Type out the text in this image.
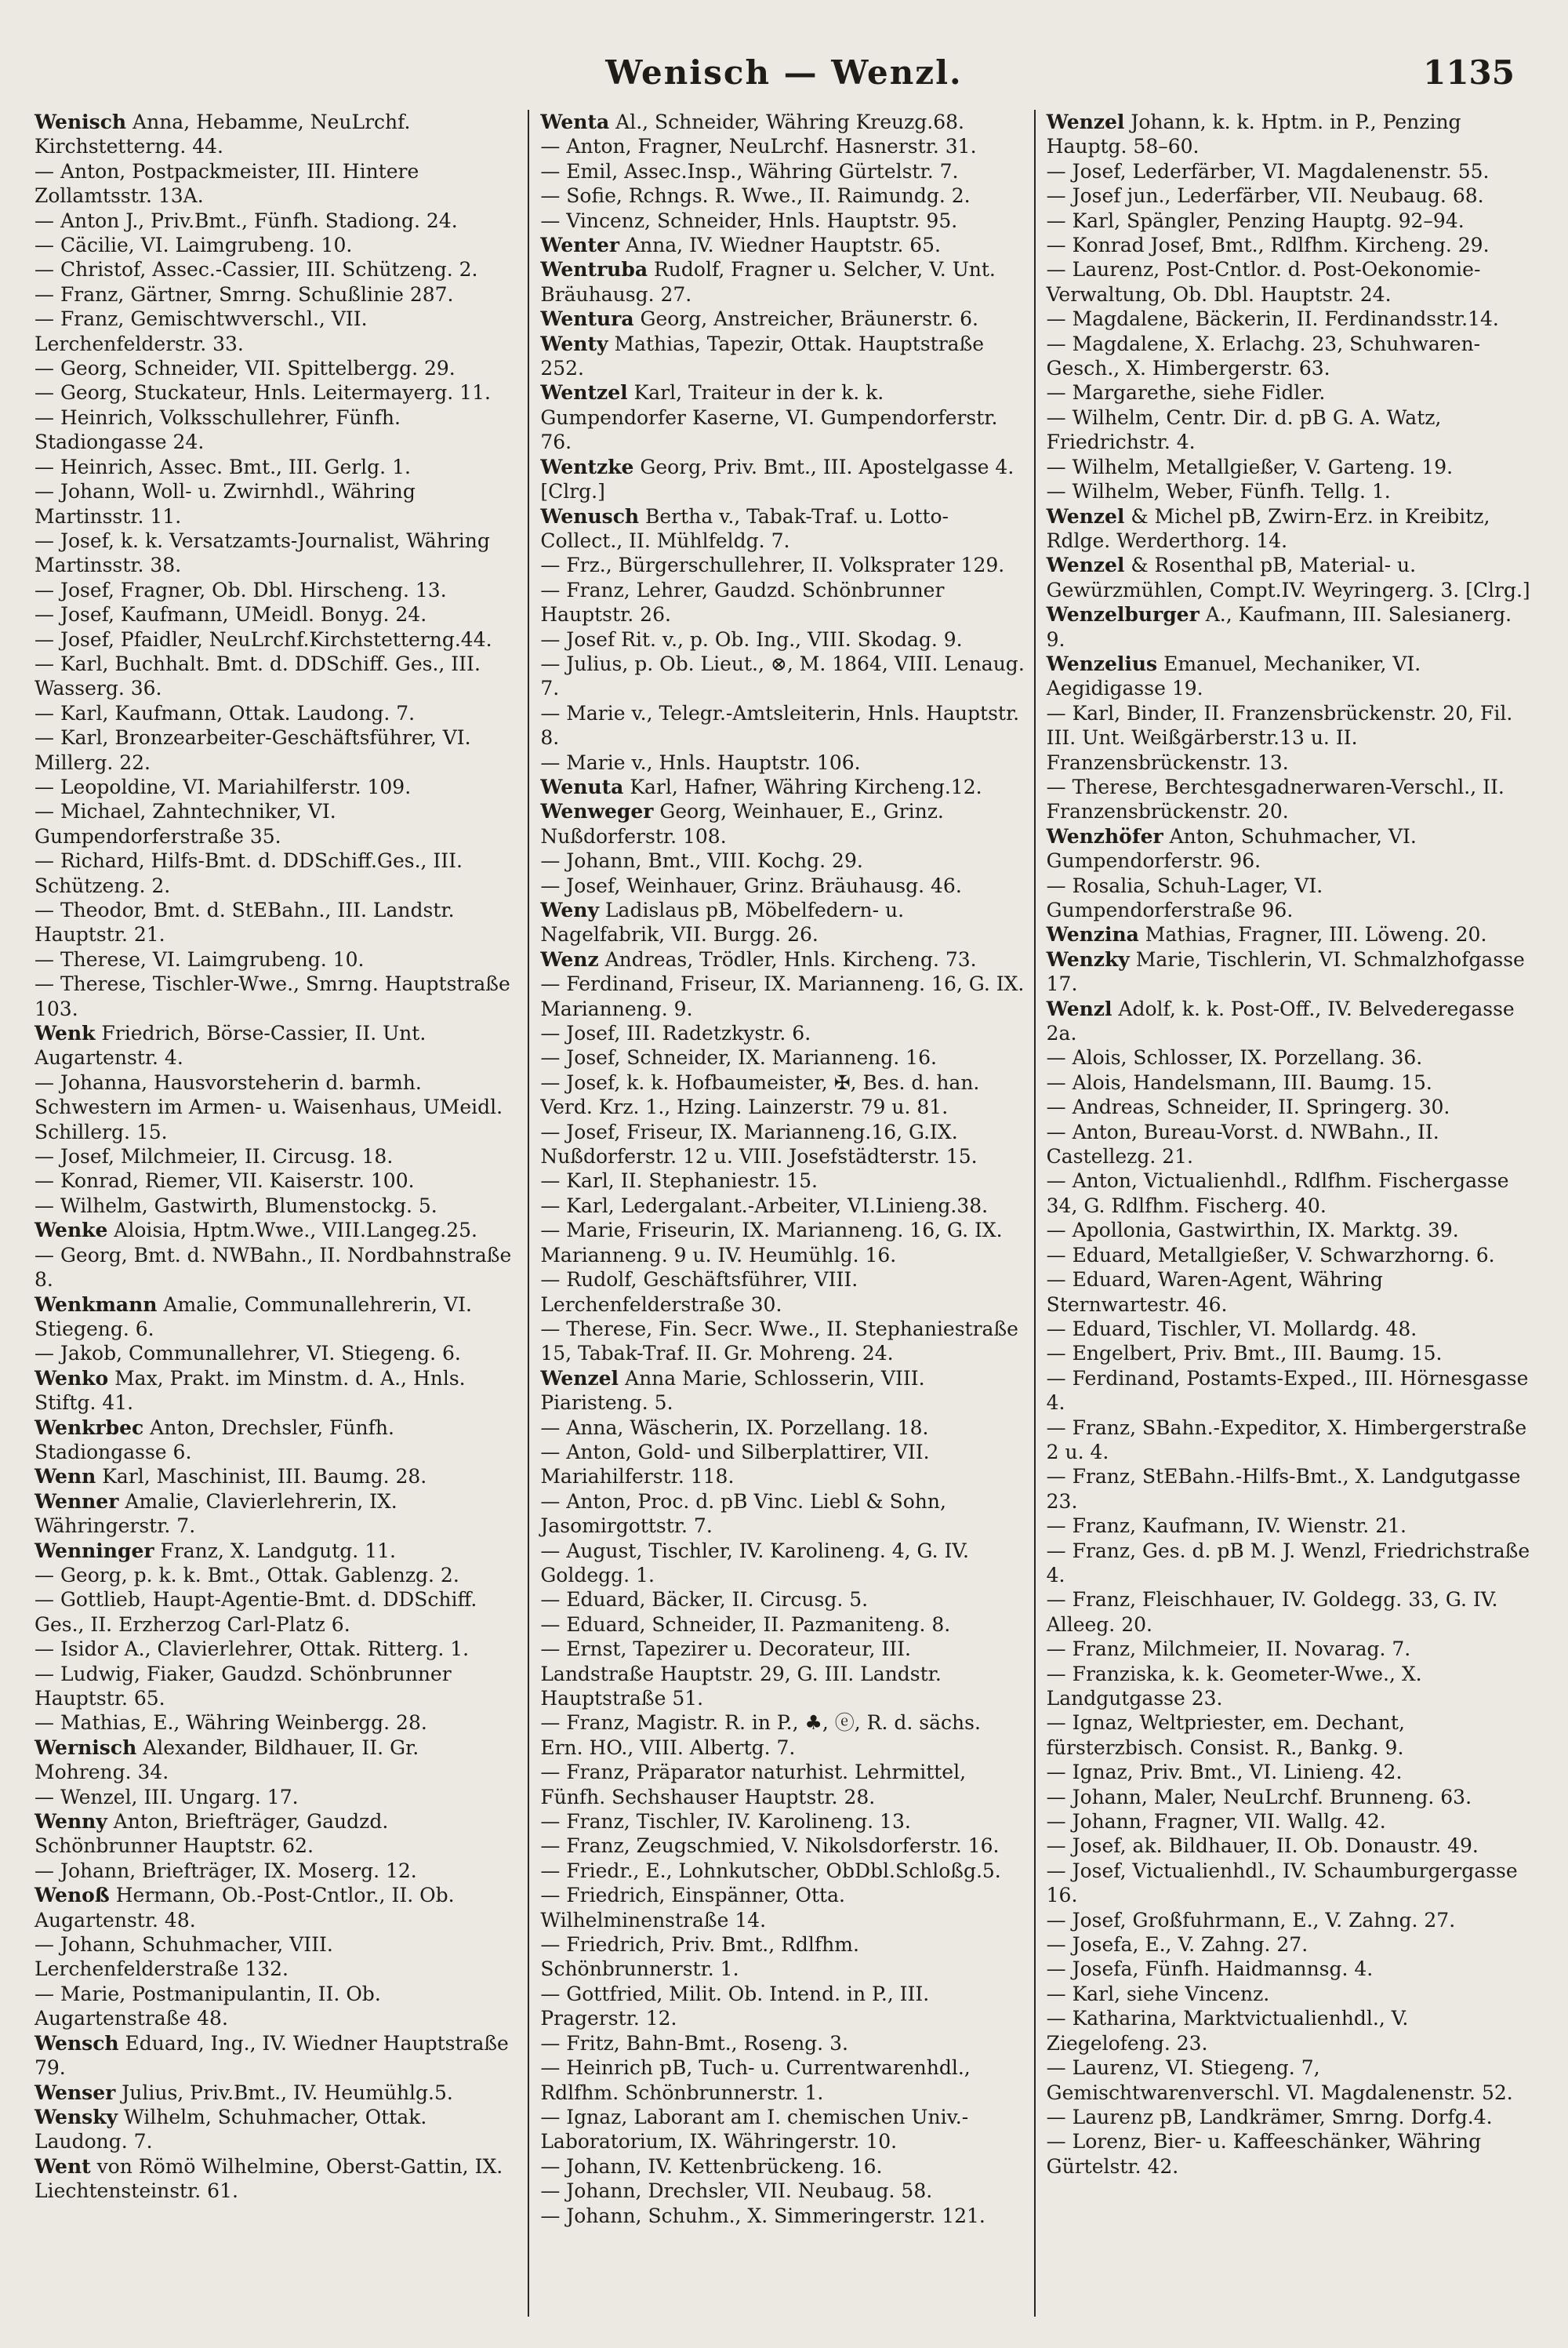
Wenisch — Wenzl.	1135

Wenisch Anna, Hebamme, NeuLrchf. Kirchstetterng. 44.

— Anton, Postpackmeister, III. Hintere Zollamtsstr. 13A.

— Anton J., Priv.Bmt., Fünfh. Stadiong. 24.

— Cäcilie, VI. Laimgrubeng. 10.

— Christof, Assec.-Cassier, III. Schützeng. 2.

— Franz, Gärtner, Smrng. Schußlinie 287.

— Franz, Gemischtwverschl., VII. Lerchenfelderstr. 33.

— Georg, Schneider, VII. Spittelbergg. 29.

— Georg, Stuckateur, Hnls. Leitermayerg. 11.

— Heinrich, Volksschullehrer, Fünfh. Stadiongasse 24.

— Heinrich, Assec. Bmt., III. Gerlg. 1.

— Johann, Woll- u. Zwirnhdl., Währing Martinsstr. 11.

— Josef, k. k. Versatzamts-Journalist, Währing Martinsstr. 38.

— Josef, Fragner, Ob. Dbl. Hirscheng. 13.

— Josef, Kaufmann, UMeidl. Bonyg. 24.

— Josef, Pfaidler, NeuLrchf.Kirchstetterng.44.

— Karl, Buchhalt. Bmt. d. DDSchiff. Ges., III. Wasserg. 36.

— Karl, Kaufmann, Ottak. Laudong. 7.

— Karl, Bronzearbeiter-Geschäftsführer, VI. Millerg. 22.

— Leopoldine, VI. Mariahilferstr. 109.

— Michael, Zahntechniker, VI. Gumpendorferstraße 35.

— Richard, Hilfs-Bmt. d. DDSchiff.Ges., III. Schützeng. 2.

— Theodor, Bmt. d. StEBahn., III. Landstr. Hauptstr. 21.

— Therese, VI. Laimgrubeng. 10.

— Therese, Tischler-Wwe., Smrng. Hauptstraße 103.

Wenk Friedrich, Börse-Cassier, II. Unt. Augartenstr. 4.

— Johanna, Hausvorsteherin d. barmh. Schwestern im Armen- u. Waisenhaus, UMeidl. Schillerg. 15.

— Josef, Milchmeier, II. Circusg. 18.

— Konrad, Riemer, VII. Kaiserstr. 100.

— Wilhelm, Gastwirth, Blumenstockg. 5.

Wenke Aloisia, Hptm.Wwe., VIII.Langeg.25.

— Georg, Bmt. d. NWBahn., II. Nordbahnstraße 8.

Wenkmann Amalie, Communallehrerin, VI. Stiegeng. 6.

— Jakob, Communallehrer, VI. Stiegeng. 6.

Wenko Max, Prakt. im Minstm. d. A., Hnls. Stiftg. 41.

Wenkrbec Anton, Drechsler, Fünfh. Stadiongasse 6.

Wenn Karl, Maschinist, III. Baumg. 28.

Wenner Amalie, Clavierlehrerin, IX. Währingerstr. 7.

Wenninger Franz, X. Landgutg. 11.

— Georg, p. k. k. Bmt., Ottak. Gablenzg. 2.

— Gottlieb, Haupt-Agentie-Bmt. d. DDSchiff. Ges., II. Erzherzog Carl-Platz 6.

— Isidor A., Clavierlehrer, Ottak. Ritterg. 1.

— Ludwig, Fiaker, Gaudzd. Schönbrunner Hauptstr. 65.

— Mathias, E., Währing Weinbergg. 28.

Wernisch Alexander, Bildhauer, II. Gr. Mohreng. 34.

— Wenzel, III. Ungarg. 17.

Wenny Anton, Briefträger, Gaudzd. Schönbrunner Hauptstr. 62.

— Johann, Briefträger, IX. Moserg. 12.

Wenoß Hermann, Ob.-Post-Cntlor., II. Ob. Augartenstr. 48.

— Johann, Schuhmacher, VIII. Lerchenfelderstraße 132.

— Marie, Postmanipulantin, II. Ob. Augartenstraße 48.

Wensch Eduard, Ing., IV. Wiedner Hauptstraße 79.

Wenser Julius, Priv.Bmt., IV. Heumühlg.5.

Wensky Wilhelm, Schuhmacher, Ottak. Laudong. 7.

Went von Römö Wilhelmine, Oberst-Gattin, IX. Liechtensteinstr. 61.

Wenta Al., Schneider, Währing Kreuzg.68.

— Anton, Fragner, NeuLrchf. Hasnerstr. 31.

— Emil, Assec.Insp., Währing Gürtelstr. 7.

— Sofie, Rchngs. R. Wwe., II. Raimundg. 2.

— Vincenz, Schneider, Hnls. Hauptstr. 95.

Wenter Anna, IV. Wiedner Hauptstr. 65.

Wentruba Rudolf, Fragner u. Selcher, V. Unt. Bräuhausg. 27.

Wentura Georg, Anstreicher, Bräunerstr. 6.

Wenty Mathias, Tapezir, Ottak. Hauptstraße 252.

Wentzel Karl, Traiteur in der k. k. Gumpendorfer Kaserne, VI. Gumpendorferstr. 76.

Wentzke Georg, Priv. Bmt., III. Apostelgasse 4. [Clrg.]

Wenusch Bertha v., Tabak-Traf. u. Lotto-Collect., II. Mühlfeldg. 7.

— Frz., Bürgerschullehrer, II. Volksprater 129.

— Franz, Lehrer, Gaudzd. Schönbrunner Hauptstr. 26.

— Josef Rit. v., p. Ob. Ing., VIII. Skodag. 9.

— Julius, p. Ob. Lieut., ⊗, M. 1864, VIII. Lenaug. 7.

— Marie v., Telegr.-Amtsleiterin, Hnls. Hauptstr. 8.

— Marie v., Hnls. Hauptstr. 106.

Wenuta Karl, Hafner, Währing Kircheng.12.

Wenweger Georg, Weinhauer, E., Grinz. Nußdorferstr. 108.

— Johann, Bmt., VIII. Kochg. 29.

— Josef, Weinhauer, Grinz. Bräuhausg. 46.

Weny Ladislaus pB, Möbelfedern- u. Nagelfabrik, VII. Burgg. 26.

Wenz Andreas, Trödler, Hnls. Kircheng. 73.

— Ferdinand, Friseur, IX. Marianneng. 16, G. IX. Marianneng. 9.

— Josef, III. Radetzkystr. 6.

— Josef, Schneider, IX. Marianneng. 16.

— Josef, k. k. Hofbaumeister, ✠, Bes. d. han. Verd. Krz. 1., Hzing. Lainzerstr. 79 u. 81.

— Josef, Friseur, IX. Marianneng.16, G.IX. Nußdorferstr. 12 u. VIII. Josefstädterstr. 15.

— Karl, II. Stephaniestr. 15.

— Karl, Ledergalant.-Arbeiter, VI.Linieng.38.

— Marie, Friseurin, IX. Marianneng. 16, G. IX. Marianneng. 9 u. IV. Heumühlg. 16.

— Rudolf, Geschäftsführer, VIII. Lerchenfelderstraße 30.

— Therese, Fin. Secr. Wwe., II. Stephaniestraße 15, Tabak-Traf. II. Gr. Mohreng. 24.

Wenzel Anna Marie, Schlosserin, VIII. Piaristeng. 5.

— Anna, Wäscherin, IX. Porzellang. 18.

— Anton, Gold- und Silberplattirer, VII. Mariahilferstr. 118.

— Anton, Proc. d. pB Vinc. Liebl & Sohn, Jasomirgottstr. 7.

— August, Tischler, IV. Karolineng. 4, G. IV. Goldegg. 1.

— Eduard, Bäcker, II. Circusg. 5.

— Eduard, Schneider, II. Pazmaniteng. 8.

— Ernst, Tapezirer u. Decorateur, III. Landstraße Hauptstr. 29, G. III. Landstr. Hauptstraße 51.

— Franz, Magistr. R. in P., ♣, ⓔ, R. d. sächs. Ern. HO., VIII. Albertg. 7.

— Franz, Präparator naturhist. Lehrmittel, Fünfh. Sechshauser Hauptstr. 28.

— Franz, Tischler, IV. Karolineng. 13.

— Franz, Zeugschmied, V. Nikolsdorferstr. 16.

— Friedr., E., Lohnkutscher, ObDbl.Schloßg.5.

— Friedrich, Einspänner, Otta. Wilhelminenstraße 14.

— Friedrich, Priv. Bmt., Rdlfhm. Schönbrunnerstr. 1.

— Gottfried, Milit. Ob. Intend. in P., III. Pragerstr. 12.

— Fritz, Bahn-Bmt., Roseng. 3.

— Heinrich pB, Tuch- u. Currentwarenhdl., Rdlfhm. Schönbrunnerstr. 1.

— Ignaz, Laborant am I. chemischen Univ.-Laboratorium, IX. Währingerstr. 10.

— Johann, IV. Kettenbrückeng. 16.

— Johann, Drechsler, VII. Neubaug. 58.

— Johann, Schuhm., X. Simmeringerstr. 121.

Wenzel Johann, k. k. Hptm. in P., Penzing Hauptg. 58–60.

— Josef, Lederfärber, VI. Magdalenenstr. 55.

— Josef jun., Lederfärber, VII. Neubaug. 68.

— Karl, Spängler, Penzing Hauptg. 92–94.

— Konrad Josef, Bmt., Rdlfhm. Kircheng. 29.

— Laurenz, Post-Cntlor. d. Post-Oekonomie-Verwaltung, Ob. Dbl. Hauptstr. 24.

— Magdalene, Bäckerin, II. Ferdinandsstr.14.

— Magdalene, X. Erlachg. 23, Schuhwaren-Gesch., X. Himbergerstr. 63.

— Margarethe, siehe Fidler.

— Wilhelm, Centr. Dir. d. pB G. A. Watz, Friedrichstr. 4.

— Wilhelm, Metallgießer, V. Garteng. 19.

— Wilhelm, Weber, Fünfh. Tellg. 1.

Wenzel & Michel pB, Zwirn-Erz. in Kreibitz, Rdlge. Werderthorg. 14.

Wenzel & Rosenthal pB, Material- u. Gewürzmühlen, Compt.IV. Weyringerg. 3. [Clrg.]

Wenzelburger A., Kaufmann, III. Salesianerg. 9.

Wenzelius Emanuel, Mechaniker, VI. Aegidigasse 19.

— Karl, Binder, II. Franzensbrückenstr. 20, Fil. III. Unt. Weißgärberstr.13 u. II. Franzensbrückenstr. 13.

— Therese, Berchtesgadnerwaren-Verschl., II. Franzensbrückenstr. 20.

Wenzhöfer Anton, Schuhmacher, VI. Gumpendorferstr. 96.

— Rosalia, Schuh-Lager, VI. Gumpendorferstraße 96.

Wenzina Mathias, Fragner, III. Löweng. 20.

Wenzky Marie, Tischlerin, VI. Schmalzhofgasse 17.

Wenzl Adolf, k. k. Post-Off., IV. Belvederegasse 2a.

— Alois, Schlosser, IX. Porzellang. 36.

— Alois, Handelsmann, III. Baumg. 15.

— Andreas, Schneider, II. Springerg. 30.

— Anton, Bureau-Vorst. d. NWBahn., II. Castellezg. 21.

— Anton, Victualienhdl., Rdlfhm. Fischergasse 34, G. Rdlfhm. Fischerg. 40.

— Apollonia, Gastwirthin, IX. Marktg. 39.

— Eduard, Metallgießer, V. Schwarzhorng. 6.

— Eduard, Waren-Agent, Währing Sternwartestr. 46.

— Eduard, Tischler, VI. Mollardg. 48.

— Engelbert, Priv. Bmt., III. Baumg. 15.

— Ferdinand, Postamts-Exped., III. Hörnesgasse 4.

— Franz, SBahn.-Expeditor, X. Himbergerstraße 2 u. 4.

— Franz, StEBahn.-Hilfs-Bmt., X. Landgutgasse 23.

— Franz, Kaufmann, IV. Wienstr. 21.

— Franz, Ges. d. pB M. J. Wenzl, Friedrichstraße 4.

— Franz, Fleischhauer, IV. Goldegg. 33, G. IV. Alleeg. 20.

— Franz, Milchmeier, II. Novarag. 7.

— Franziska, k. k. Geometer-Wwe., X. Landgutgasse 23.

— Ignaz, Weltpriester, em. Dechant, fürsterzbisch. Consist. R., Bankg. 9.

— Ignaz, Priv. Bmt., VI. Linieng. 42.

— Johann, Maler, NeuLrchf. Brunneng. 63.

— Johann, Fragner, VII. Wallg. 42.

— Josef, ak. Bildhauer, II. Ob. Donaustr. 49.

— Josef, Victualienhdl., IV. Schaumburgergasse 16.

— Josef, Großfuhrmann, E., V. Zahng. 27.

— Josefa, E., V. Zahng. 27.

— Josefa, Fünfh. Haidmannsg. 4.

— Karl, siehe Vincenz.

— Katharina, Marktvictualienhdl., V. Ziegelofeng. 23.

— Laurenz, VI. Stiegeng. 7, Gemischtwarenverschl. VI. Magdalenenstr. 52.

— Laurenz pB, Landkrämer, Smrng. Dorfg.4.

— Lorenz, Bier- u. Kaffeeschänker, Währing Gürtelstr. 42.
